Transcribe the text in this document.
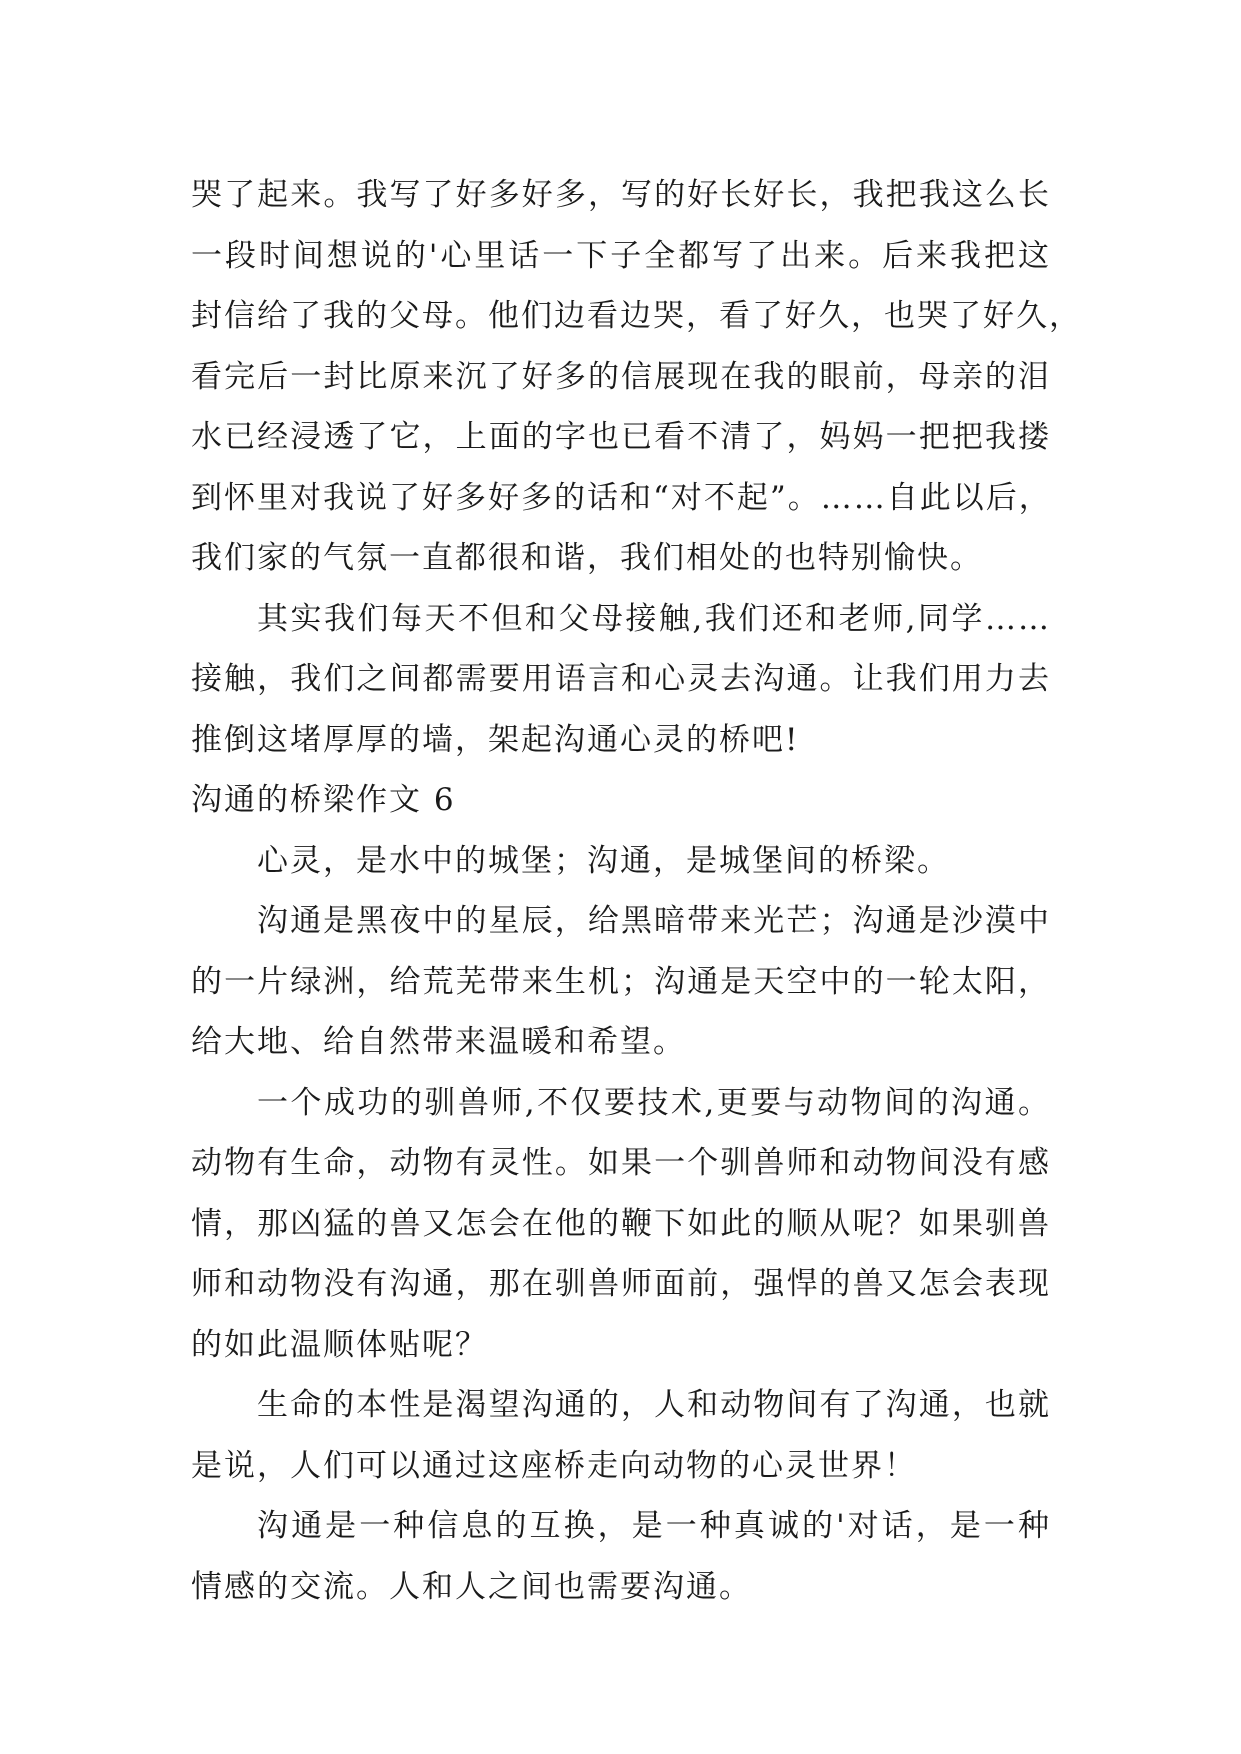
哭了起来。我写了好多好多，写的好长好长，我把我这么长
一段时间想说的'心里话一下子全都写了出来。后来我把这
封信给了我的父母。他们边看边哭，看了好久，也哭了好久，
看完后一封比原来沉了好多的信展现在我的眼前，母亲的泪
水已经浸透了它，上面的字也已看不清了，妈妈一把把我搂
到怀里对我说了好多好多的话和“对不起”。……自此以后，
我们家的气氛一直都很和谐，我们相处的也特别愉快。
其实我们每天不但和父母接触,我们还和老师,同学……
接触，我们之间都需要用语言和心灵去沟通。让我们用力去
推倒这堵厚厚的墙，架起沟通心灵的桥吧!
沟通的桥梁作文 6
心灵，是水中的城堡；沟通，是城堡间的桥梁。
沟通是黑夜中的星辰，给黑暗带来光芒；沟通是沙漠中
的一片绿洲，给荒芜带来生机；沟通是天空中的一轮太阳，
给大地、给自然带来温暖和希望。
一个成功的驯兽师,不仅要技术,更要与动物间的沟通。
动物有生命，动物有灵性。如果一个驯兽师和动物间没有感
情，那凶猛的兽又怎会在他的鞭下如此的顺从呢？如果驯兽
师和动物没有沟通，那在驯兽师面前，强悍的兽又怎会表现
的如此温顺体贴呢？
生命的本性是渴望沟通的，人和动物间有了沟通，也就
是说，人们可以通过这座桥走向动物的心灵世界！
沟通是一种信息的互换，是一种真诚的'对话，是一种
情感的交流。人和人之间也需要沟通。
